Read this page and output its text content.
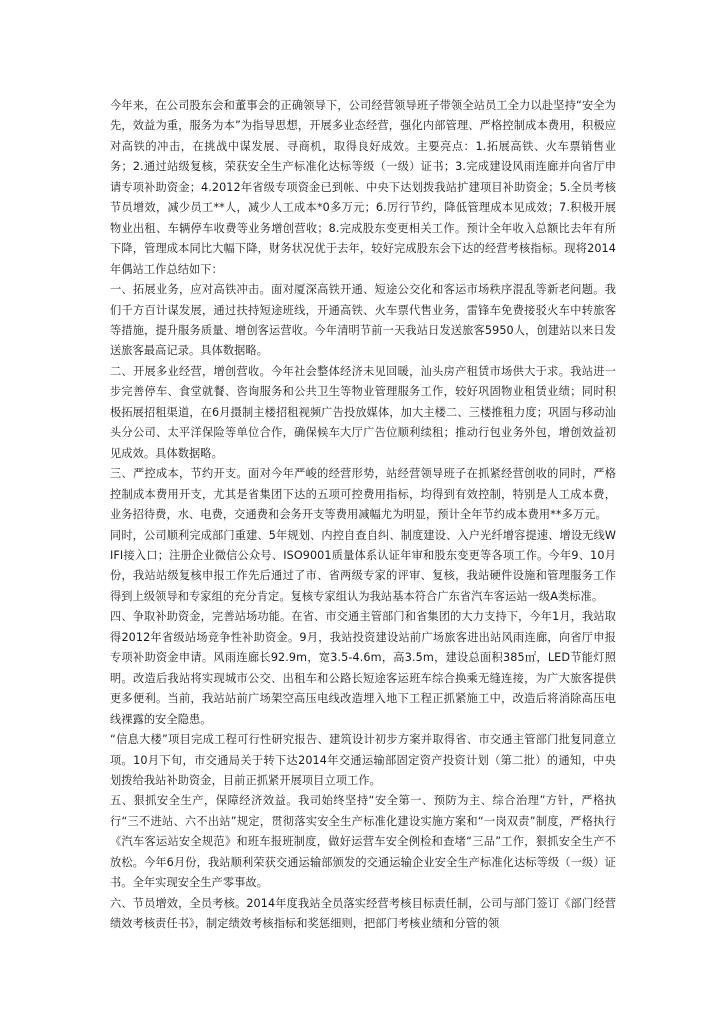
今年来，在公司股东会和董事会的正确领导下，公司经营领导班子带领全站员工全力以赴坚持“安全为先，效益为重，服务为本”为指导思想，开展多业态经营，强化内部管理、严格控制成本费用，积极应对高铁的冲击，在挑战中谋发展、寻商机，取得良好成效。主要亮点：1.拓展高铁、火车票销售业务；2.通过站级复核，荣获安全生产标准化达标等级（一级）证书；3.完成建设风雨连廊并向省厅申请专项补助资金；4.2012年省级专项资金已到帐、中央下达划拨我站扩建项目补助资金；5.全员考核节员增效，减少员工**人，减少人工成本*0多万元；6.厉行节约，降低管理成本见成效；7.积极开展物业出租、车辆停车收费等业务增创营收；8.完成股东变更相关工作。预计全年收入总额比去年有所下降，管理成本同比大幅下降，财务状况优于去年，较好完成股东会下达的经营考核指标。现将2014年偶站工作总结如下：

一、拓展业务，应对高铁冲击。面对厦深高铁开通、短途公交化和客运市场秩序混乱等新老问题。我们千方百计谋发展，通过扶持短途班线，开通高铁、火车票代售业务，雷锋车免费接驳火车中转旅客等措施，提升服务质量、增创客运营收。今年清明节前一天我站日发送旅客5950人，创建站以来日发送旅客最高记录。具体数据略。

二、开展多业经营，增创营收。今年社会整体经济未见回暖，汕头房产租赁市场供大于求。我站进一步完善停车、食堂就餐、咨询服务和公共卫生等物业管理服务工作，较好巩固物业租赁业绩；同时积极拓展招租渠道，在6月摄制主楼招租视频广告投放媒体，加大主楼二、三楼推租力度；巩固与移动汕头分公司、太平洋保险等单位合作，确保候车大厅广告位顺利续租；推动行包业务外包，增创效益初见成效。具体数据略。

三、严控成本，节约开支。面对今年严峻的经营形势，站经营领导班子在抓紧经营创收的同时，严格控制成本费用开支，尤其是省集团下达的五项可控费用指标，均得到有效控制，特别是人工成本费，业务招待费，水、电费，交通费和会务开支等费用减幅尤为明显，预计全年节约成本费用**多万元。

同时，公司顺利完成部门重建、5年规划、内控自查自纠、制度建设、入户光纤增容提速、增设无线WIFI接入口；注册企业微信公众号、ISO9001质量体系认证年审和股东变更等各项工作。今年9、10月份，我站站级复核申报工作先后通过了市、省两级专家的评审、复核，我站硬件设施和管理服务工作得到上级领导和专家组的充分肯定。复核专家组认为我站基本符合广东省汽车客运站一级A类标准。

四、争取补助资金，完善站场功能。在省、市交通主管部门和省集团的大力支持下，今年1月，我站取得2012年省级站场竞争性补助资金。9月，我站投资建设站前广场旅客进出站风雨连廊，向省厅申报专项补助资金申请。风雨连廊长92.9m，宽3.5-4.6m，高3.5m，建设总面积385㎡，LED节能灯照明。改造后我站将实现城市公交、出租车和公路长短途客运班车综合换乘无缝连接，为广大旅客提供更多便利。当前，我站站前广场架空高压电线改造埋入地下工程正抓紧施工中，改造后将消除高压电线裸露的安全隐患。

“信息大楼”项目完成工程可行性研究报告、建筑设计初步方案并取得省、市交通主管部门批复同意立项。10月下旬，市交通局关于转下达2014年交通运输部固定资产投资计划（第二批）的通知，中央划拨给我站补助资金，目前正抓紧开展项目立项工作。

五、狠抓安全生产，保障经济效益。我司始终坚持“安全第一、预防为主、综合治理”方针，严格执行“三不进站、六不出站”规定，贯彻落实安全生产标准化建设实施方案和“一岗双责”制度，严格执行《汽车客运站安全规范》和班车报班制度，做好运营车安全例检和查堵“三品”工作，狠抓安全生产不放松。今年6月份，我站顺利荣获交通运输部颁发的交通运输企业安全生产标准化达标等级（一级）证书。全年实现安全生产零事故。

六、节员增效，全员考核。2014年度我站全员落实经营考核目标责任制，公司与部门签订《部门经营绩效考核责任书》，制定绩效考核指标和奖惩细则，把部门考核业绩和分管的领
